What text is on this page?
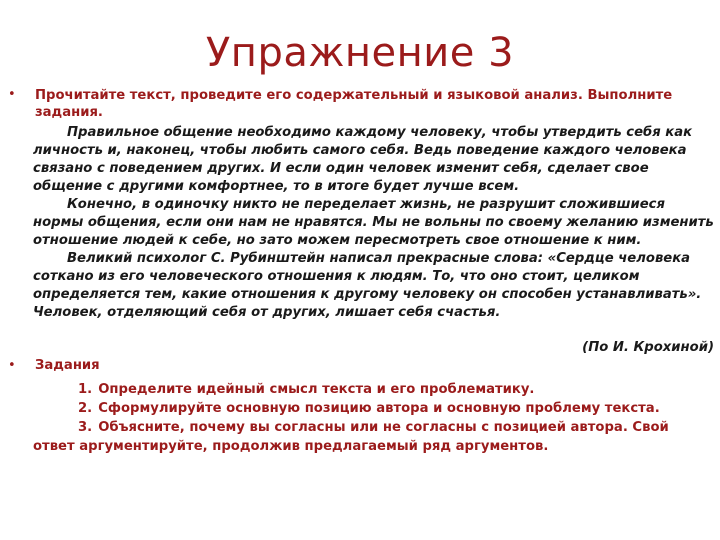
Упражнение 3
• Прочитайте текст, проведите его содержательный и языковой анализ. Выполните задания.

Правильное общение необходимо каждому человеку, чтобы утвердить себя как личность и, наконец, чтобы любить самого себя. Ведь поведение каждого человека связано с поведением других. И если один человек изменит себя, сделает свое общение с другими комфортнее, то в итоге будет лучше всем.

Конечно, в одиночку никто не переделает жизнь, не разрушит сложившиеся нормы общения, если они нам не нравятся. Мы не вольны по своему желанию изменить отношение людей к себе, но зато можем пересмотреть свое отношение к ним.

Великий психолог С. Рубинштейн написал прекрасные слова: «Сердце человека соткано из его человеческого отношения к людям. То, что оно стоит, целиком определяется тем, какие отношения к другому человеку он способен устанавливать». Человек, отделяющий себя от других, лишает себя счастья.

(По И. Крохиной)
• Задания
1. Определите идейный смысл текста и его проблематику.
2. Сформулируйте основную позицию автора и основную проблему текста.
3. Объясните, почему вы согласны или не согласны с позицией автора. Свой ответ аргументируйте, продолжив предлагаемый ряд аргументов.
